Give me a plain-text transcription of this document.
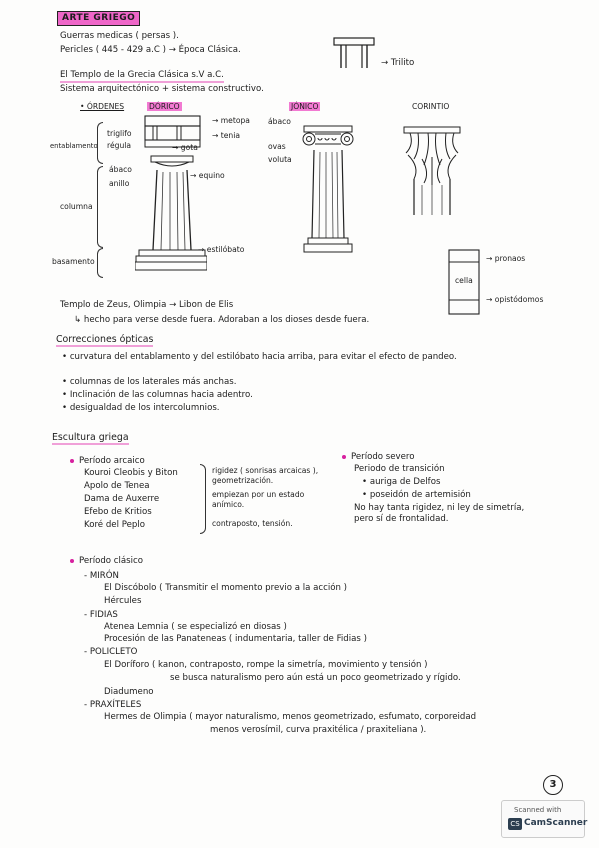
ARTE GRIEGO
Guerras medicas ( persas ).
Pericles ( 445 - 429 a.C ) → Época Clásica.
→ Trilito
El Templo de la Grecia Clásica s.V a.C.
Sistema arquitectónico + sistema constructivo.
• ÓRDENES	DÓRICO	JÓNICO	CORINTIO
triglifo
régula
ábaco
anillo
→ metopa
→ tenia
→ gota
→ equino
→ estilóbato
entablamento
columna
basamento
ábaco
ovas
voluta
→ pronaos
cella
→ opistódomos
Templo de Zeus, Olimpia → Libon de Elis
↳ hecho para verse desde fuera. Adoraban a los dioses desde fuera.
Correcciones ópticas
• curvatura del entablamento y del estilóbato hacia arriba, para evitar el efecto de pandeo.
• columnas de los laterales más anchas.
• Inclinación de las columnas hacia adentro.
• desigualdad de los intercolumnios.
Escultura griega
Período arcaico
Kouroi Cleobis y Biton
Apolo de Tenea
Dama de Auxerre
Efebo de Kritios
Koré del Peplo
rigidez ( sonrisas arcaicas ), geometrización.
empiezan por un estado anímico.
contraposto, tensión.
Período severo
Periodo de transición
• auriga de Delfos
• poseidón de artemisión
No hay tanta rigidez, ni ley de simetría, pero sí de frontalidad.
Período clásico
- MIRÓN
El Discóbolo ( Transmitir el momento previo a la acción )
Hércules
- FIDIAS
Atenea Lemnia ( se especializó en diosas )
Procesión de las Panateneas ( indumentaria, taller de Fidias )
- POLICLETO
El Doríforo ( kanon, contraposto, rompe la simetría, movimiento y tensión )
se busca naturalismo pero aún está un poco geometrizado y rígido.
Diadumeno
- PRAXÍTELES
Hermes de Olimpia ( mayor naturalismo, menos geometrizado, esfumato, corporeidad
menos verosímil, curva praxitélica / praxiteliana ).
3
Scanned with
CS CamScanner
